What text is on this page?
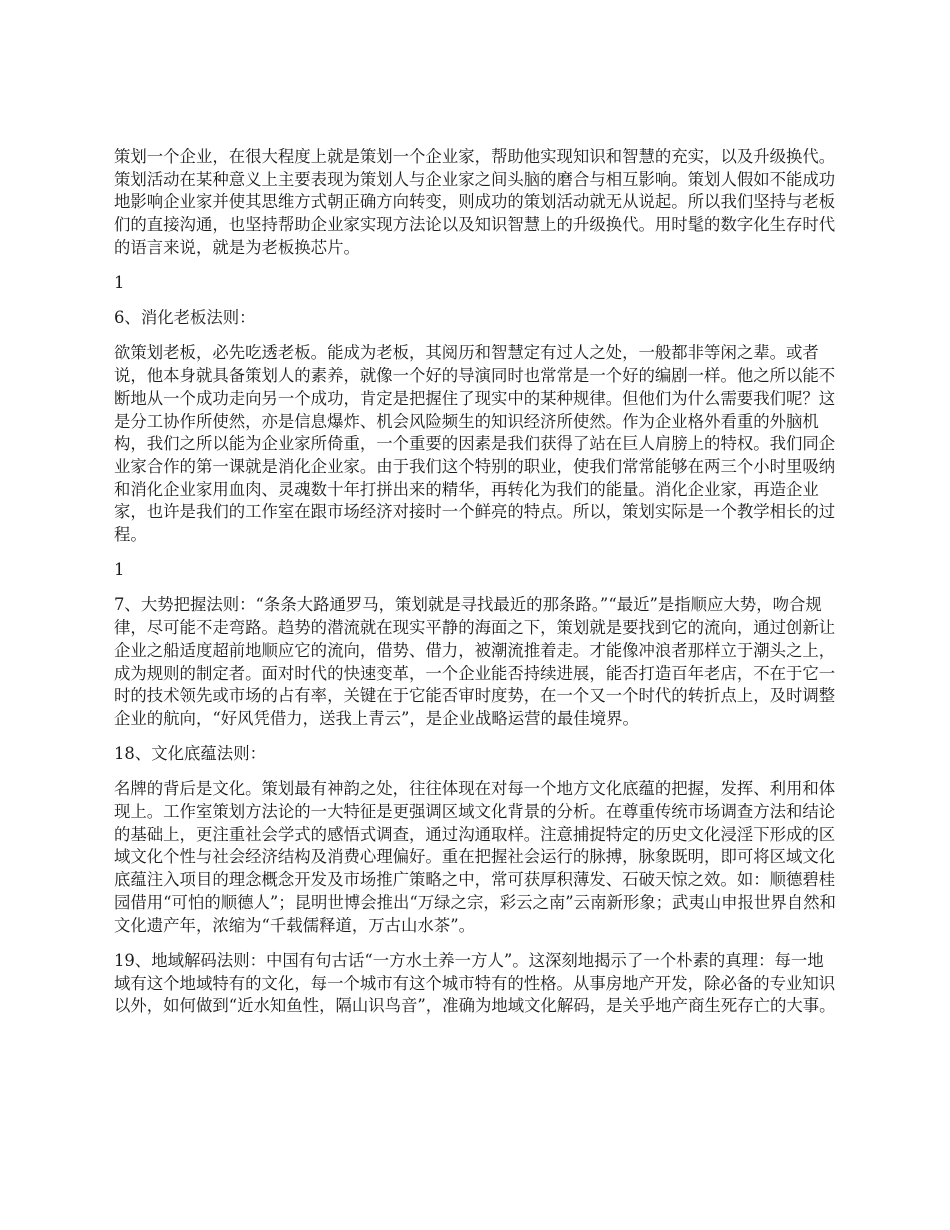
策划一个企业，在很大程度上就是策划一个企业家，帮助他实现知识和智慧的充实，以及升级换代。策划活动在某种意义上主要表现为策划人与企业家之间头脑的磨合与相互影响。策划人假如不能成功地影响企业家并使其思维方式朝正确方向转变，则成功的策划活动就无从说起。所以我们坚持与老板们的直接沟通，也坚持帮助企业家实现方法论以及知识智慧上的升级换代。用时髦的数字化生存时代的语言来说，就是为老板换芯片。

1

6、消化老板法则：

欲策划老板，必先吃透老板。能成为老板，其阅历和智慧定有过人之处，一般都非等闲之辈。或者说，他本身就具备策划人的素养，就像一个好的导演同时也常常是一个好的编剧一样。他之所以能不断地从一个成功走向另一个成功，肯定是把握住了现实中的某种规律。但他们为什么需要我们呢？这是分工协作所使然，亦是信息爆炸、机会风险频生的知识经济所使然。作为企业格外看重的外脑机构，我们之所以能为企业家所倚重，一个重要的因素是我们获得了站在巨人肩膀上的特权。我们同企业家合作的第一课就是消化企业家。由于我们这个特别的职业，使我们常常能够在两三个小时里吸纳和消化企业家用血肉、灵魂数十年打拼出来的精华，再转化为我们的能量。消化企业家，再造企业家，也许是我们的工作室在跟市场经济对接时一个鲜亮的特点。所以，策划实际是一个教学相长的过程。

1

7、大势把握法则：“条条大路通罗马，策划就是寻找最近的那条路。”“最近”是指顺应大势，吻合规律，尽可能不走弯路。趋势的潜流就在现实平静的海面之下，策划就是要找到它的流向，通过创新让企业之船适度超前地顺应它的流向，借势、借力，被潮流推着走。才能像冲浪者那样立于潮头之上，成为规则的制定者。面对时代的快速变革，一个企业能否持续进展，能否打造百年老店，不在于它一时的技术领先或市场的占有率，关键在于它能否审时度势，在一个又一个时代的转折点上，及时调整企业的航向，“好风凭借力，送我上青云”，是企业战略运营的最佳境界。

18、文化底蕴法则：

名牌的背后是文化。策划最有神韵之处，往往体现在对每一个地方文化底蕴的把握，发挥、利用和体现上。工作室策划方法论的一大特征是更强调区域文化背景的分析。在尊重传统市场调查方法和结论的基础上，更注重社会学式的感悟式调查，通过沟通取样。注意捕捉特定的历史文化浸淫下形成的区域文化个性与社会经济结构及消费心理偏好。重在把握社会运行的脉搏，脉象既明，即可将区域文化底蕴注入项目的理念概念开发及市场推广策略之中，常可获厚积薄发、石破天惊之效。如：顺德碧桂园借用“可怕的顺德人”；昆明世博会推出“万绿之宗，彩云之南”云南新形象；武夷山申报世界自然和文化遗产年，浓缩为“千载儒释道，万古山水茶”。

19、地域解码法则：中国有句古话“一方水土养一方人”。这深刻地揭示了一个朴素的真理：每一地域有这个地域特有的文化，每一个城市有这个城市特有的性格。从事房地产开发，除必备的专业知识以外，如何做到“近水知鱼性，隔山识鸟音”，准确为地域文化解码，是关乎地产商生死存亡的大事。
